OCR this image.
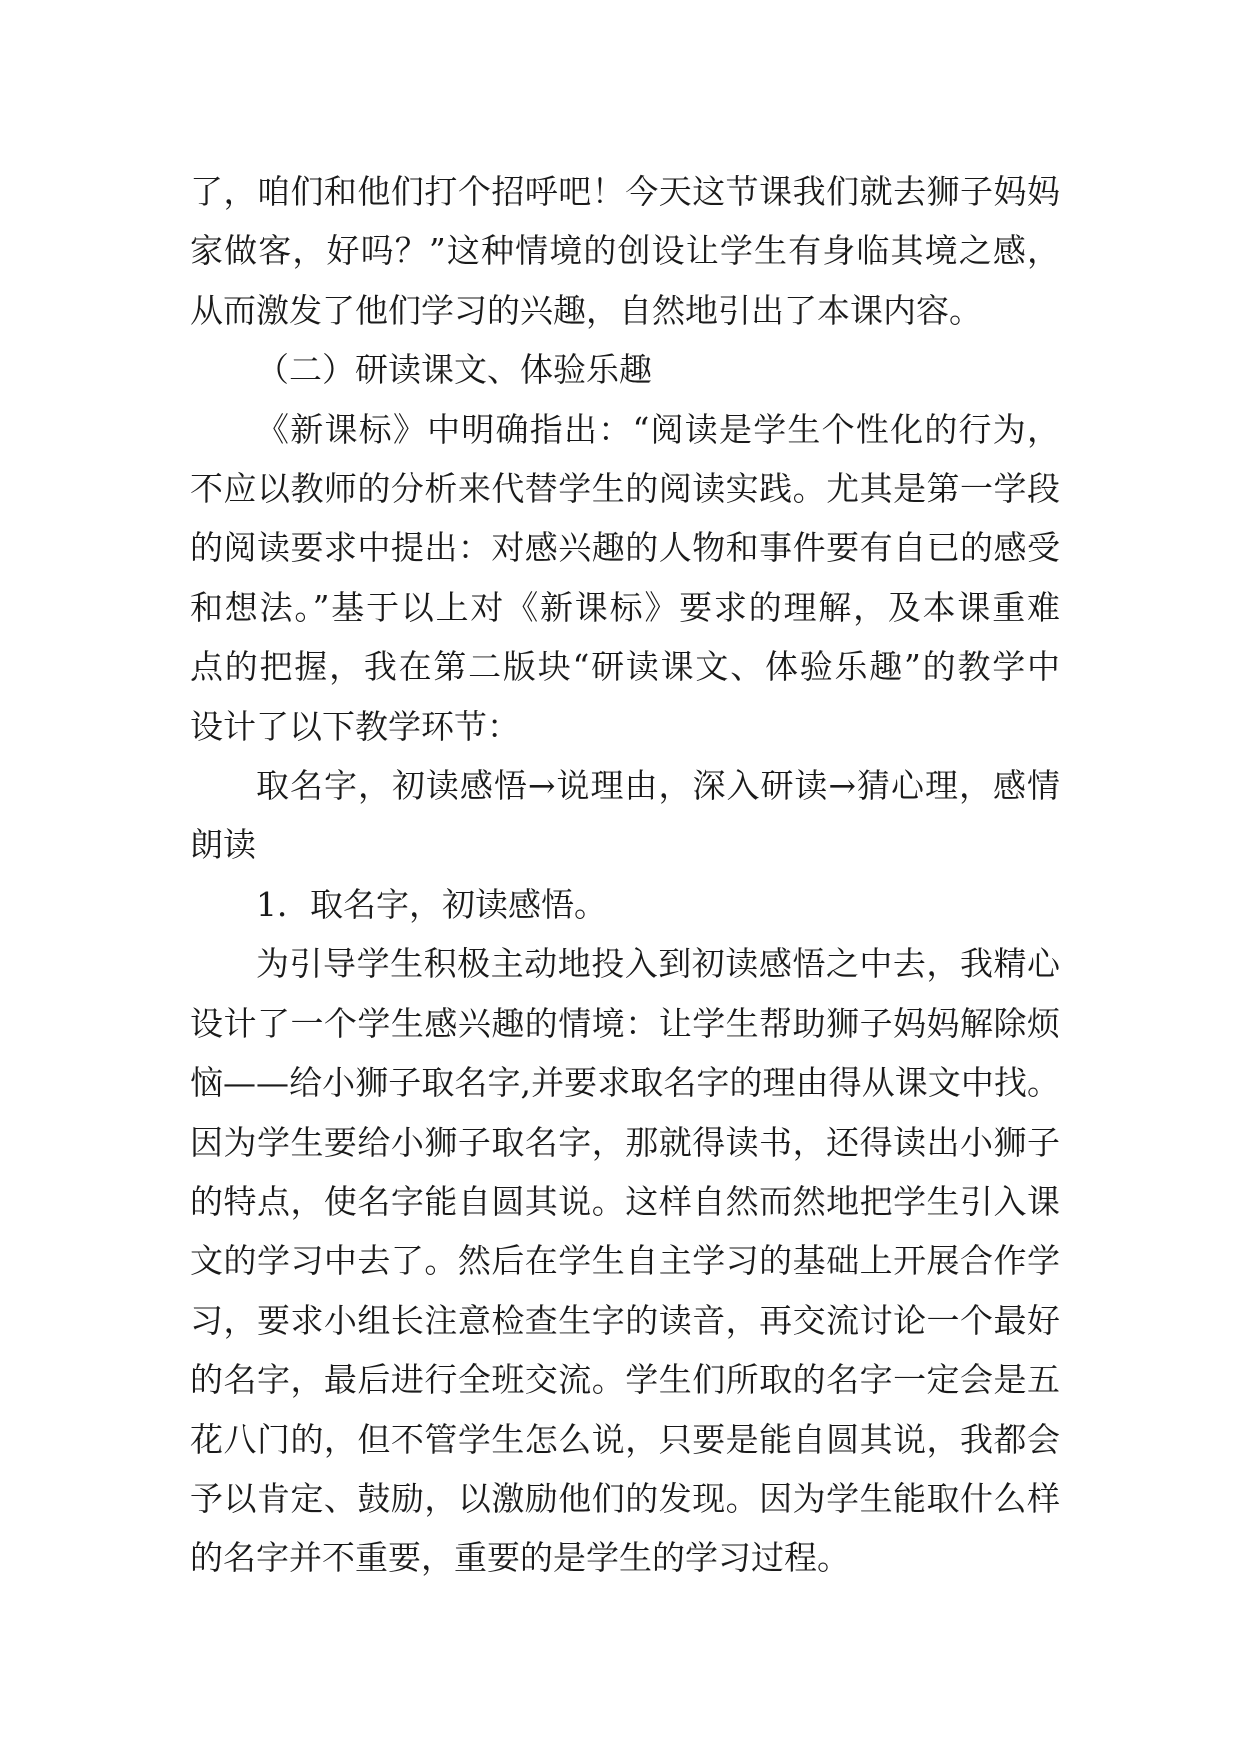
了，咱们和他们打个招呼吧！今天这节课我们就去狮子妈妈
家做客，好吗？”这种情境的创设让学生有身临其境之感，
从而激发了他们学习的兴趣，自然地引出了本课内容。
（二）研读课文、体验乐趣
《新课标》中明确指出：“阅读是学生个性化的行为，
不应以教师的分析来代替学生的阅读实践。尤其是第一学段
的阅读要求中提出：对感兴趣的人物和事件要有自已的感受
和想法。”基于以上对《新课标》要求的理解，及本课重难
点的把握，我在第二版块“研读课文、体验乐趣”的教学中
设计了以下教学环节：
取名字，初读感悟→说理由，深入研读→猜心理，感情
朗读
1．取名字，初读感悟。
为引导学生积极主动地投入到初读感悟之中去，我精心
设计了一个学生感兴趣的情境：让学生帮助狮子妈妈解除烦
恼——给小狮子取名字,并要求取名字的理由得从课文中找。
因为学生要给小狮子取名字，那就得读书，还得读出小狮子
的特点，使名字能自圆其说。这样自然而然地把学生引入课
文的学习中去了。然后在学生自主学习的基础上开展合作学
习，要求小组长注意检查生字的读音，再交流讨论一个最好
的名字，最后进行全班交流。学生们所取的名字一定会是五
花八门的，但不管学生怎么说，只要是能自圆其说，我都会
予以肯定、鼓励，以激励他们的发现。因为学生能取什么样
的名字并不重要，重要的是学生的学习过程。
